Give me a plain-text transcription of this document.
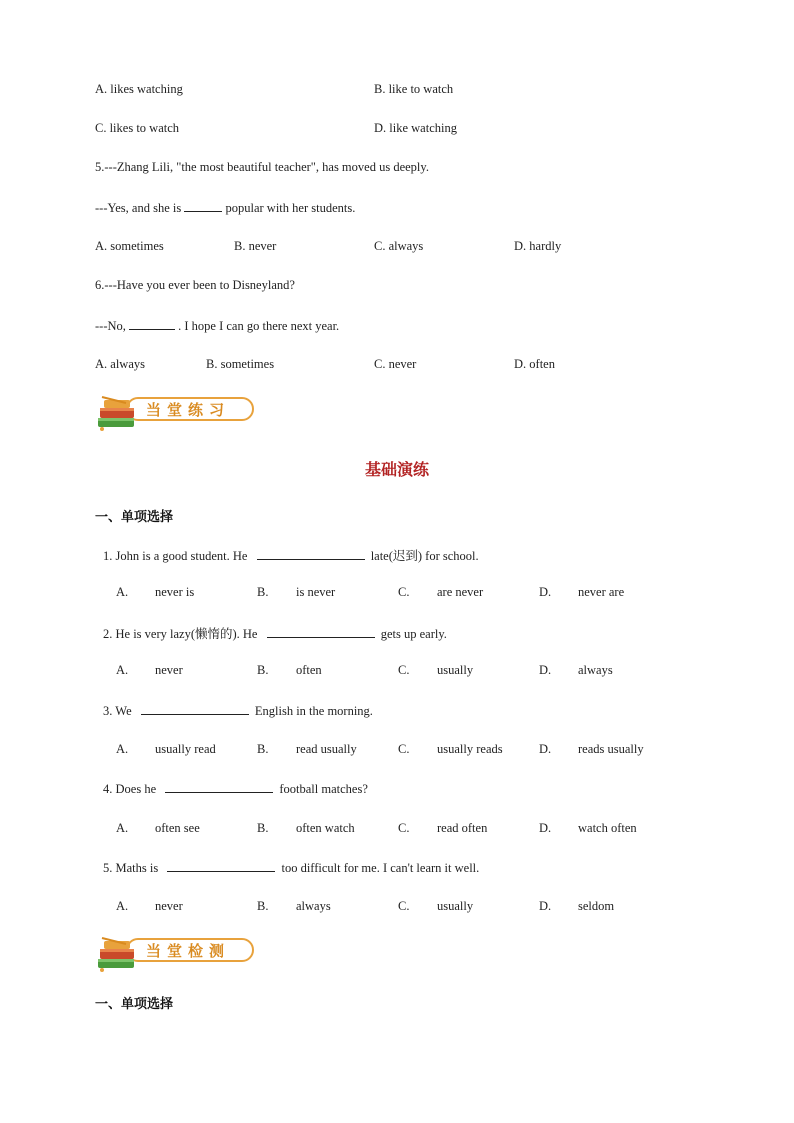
A. likes watching	B. like to watch
C. likes to watch	D. like watching
5.---Zhang Lili, "the most beautiful teacher", has moved us deeply.
---Yes, and she is	popular with her students.
A. sometimes	B. never	C. always	D. hardly
6.---Have you ever been to Disneyland?
---No,	. I hope I can go there next year.
A. always	B. sometimes	C. never	D. often
当堂练习
基础演练
一、单项选择
1. John is a good student. He	late(迟到) for school.
A. never is	B. is never	C. are never	D. never are
2. He is very lazy(懒惰的). He	gets up early.
A. never	B. often	C. usually	D. always
3. We	English in the morning.
A. usually read	B. read usually	C. usually reads	D. reads usually
4. Does he	football matches?
A. often see	B. often watch	C. read often	D. watch often
5. Maths is	too difficult for me. I can't learn it well.
A. never	B. always	C. usually	D. seldom
当堂检测
一、单项选择
